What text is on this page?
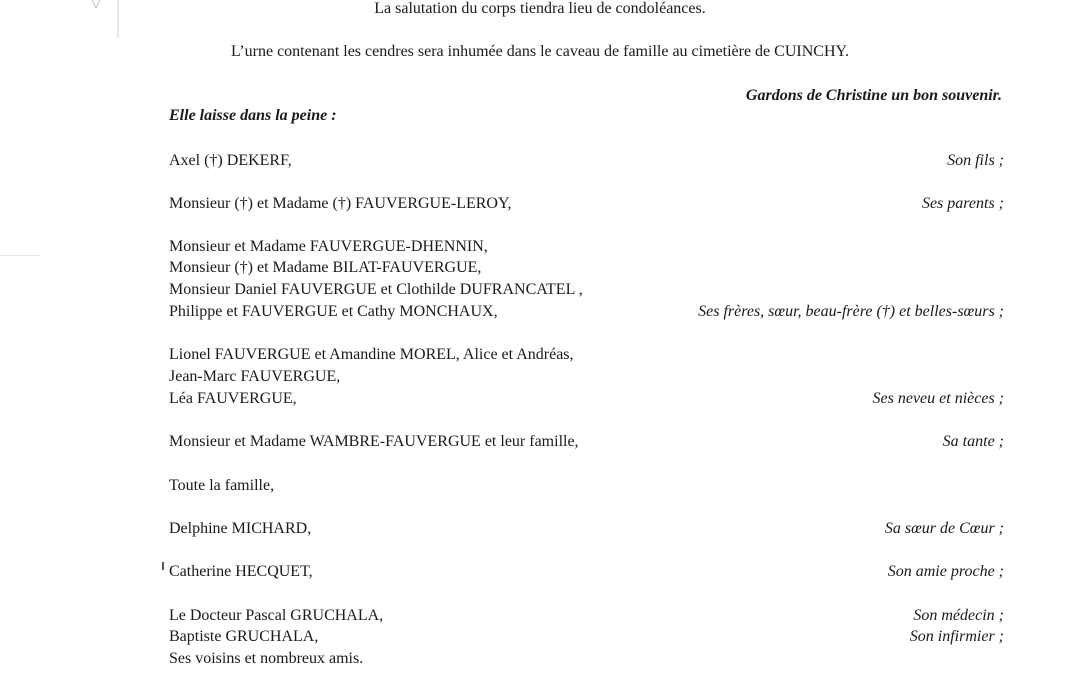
La salutation du corps tiendra lieu de condoléances.
L’urne contenant les cendres sera inhumée dans le caveau de famille au cimetière de CUINCHY.
Gardons de Christine un bon souvenir.
Elle laisse dans la peine :
Axel (†) DEKERF,	Son fils ;
Monsieur (†) et Madame (†) FAUVERGUE-LEROY,	Ses parents ;
Monsieur et Madame FAUVERGUE-DHENNIN,
Monsieur (†) et Madame BILAT-FAUVERGUE,
Monsieur Daniel FAUVERGUE et Clothilde DUFRANCATEL ,
Philippe et FAUVERGUE et Cathy MONCHAUX,	Ses frères, sœur, beau-frère (†) et belles-sœurs ;
Lionel FAUVERGUE et Amandine MOREL, Alice et Andréas,
Jean-Marc FAUVERGUE,
Léa FAUVERGUE,	Ses neveu et nièces ;
Monsieur et Madame WAMBRE-FAUVERGUE et leur famille,	Sa tante ;
Toute la famille,
Delphine MICHARD,	Sa sœur de Cœur ;
Catherine HECQUET,	Son amie proche ;
Le Docteur Pascal GRUCHALA,	Son médecin ;
Baptiste GRUCHALA,	Son infirmier ;
Ses voisins et nombreux amis.
